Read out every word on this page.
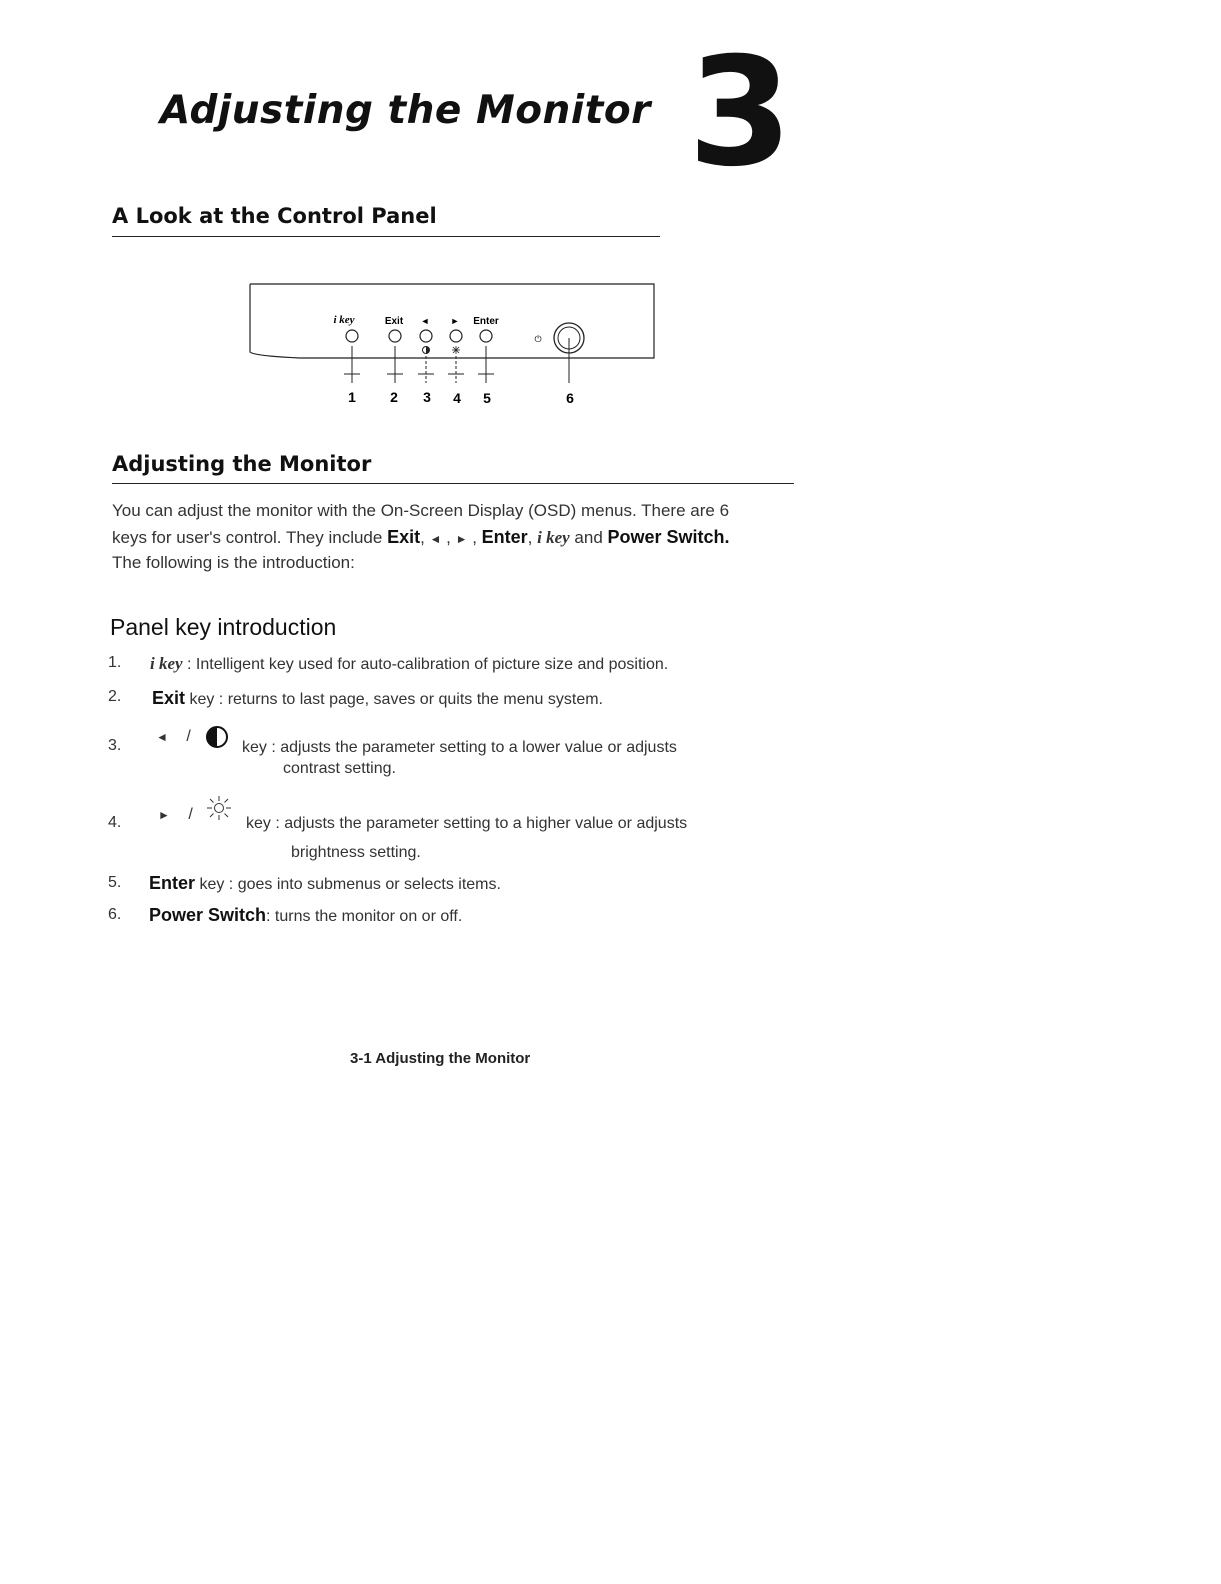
Adjusting the Monitor 3
A Look at the Control Panel
i key	Exit ◄ ► Enter
⏻
1 2 3 4 5	6
Adjusting the Monitor
You can adjust the monitor with the On-Screen Display (OSD) menus. There are 6
keys for user's control. They include Exit, ◄ , ► , Enter, i key and Power Switch.
The following is the introduction:
Panel key introduction
1. i key : Intelligent key used for auto-calibration of picture size and position.
2. Exit key : returns to last page, saves or quits the menu system.
3.	◄ /
key : adjusts the parameter setting to a lower value or adjusts
contrast setting.
4.	► /
key : adjusts the parameter setting to a higher value or adjusts
brightness setting.
5. Enter key : goes into submenus or selects items.
6. Power Switch: turns the monitor on or off.
3-1 Adjusting the Monitor
